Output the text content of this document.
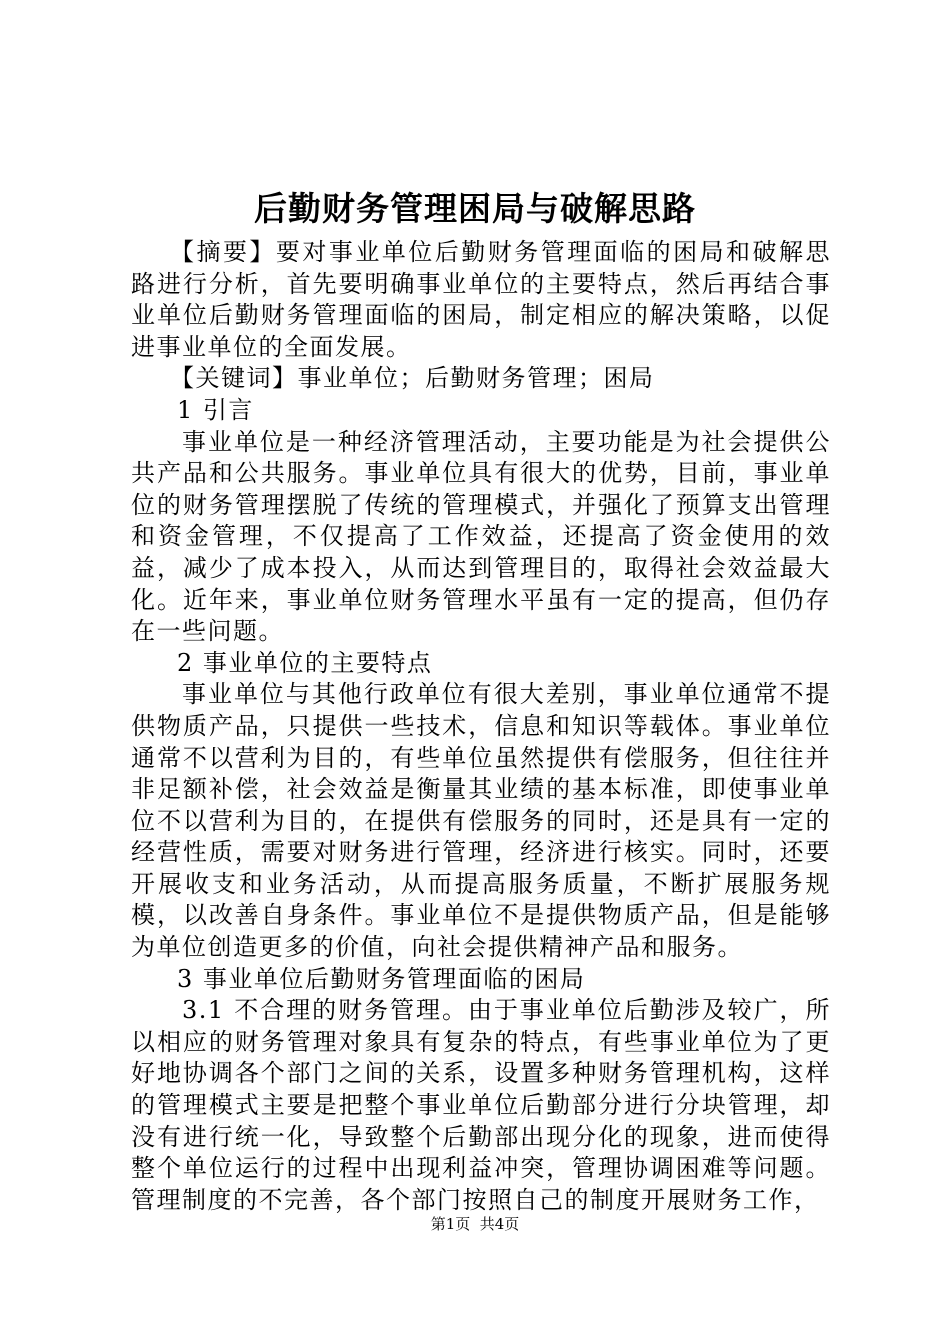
后勤财务管理困局与破解思路

【摘要】要对事业单位后勤财务管理面临的困局和破解思路进行分析，首先要明确事业单位的主要特点，然后再结合事业单位后勤财务管理面临的困局，制定相应的解决策略，以促进事业单位的全面发展。

【关键词】事业单位；后勤财务管理；困局

1 引言

事业单位是一种经济管理活动，主要功能是为社会提供公共产品和公共服务。事业单位具有很大的优势，目前，事业单位的财务管理摆脱了传统的管理模式，并强化了预算支出管理和资金管理，不仅提高了工作效益，还提高了资金使用的效益，减少了成本投入，从而达到管理目的，取得社会效益最大化。近年来，事业单位财务管理水平虽有一定的提高，但仍存在一些问题。

2 事业单位的主要特点

事业单位与其他行政单位有很大差别，事业单位通常不提供物质产品，只提供一些技术，信息和知识等载体。事业单位通常不以营利为目的，有些单位虽然提供有偿服务，但往往并非足额补偿，社会效益是衡量其业绩的基本标准，即使事业单位不以营利为目的，在提供有偿服务的同时，还是具有一定的经营性质，需要对财务进行管理，经济进行核实。同时，还要开展收支和业务活动，从而提高服务质量，不断扩展服务规模，以改善自身条件。事业单位不是提供物质产品，但是能够为单位创造更多的价值，向社会提供精神产品和服务。

3 事业单位后勤财务管理面临的困局

3.1 不合理的财务管理。由于事业单位后勤涉及较广，所以相应的财务管理对象具有复杂的特点，有些事业单位为了更好地协调各个部门之间的关系，设置多种财务管理机构，这样的管理模式主要是把整个事业单位后勤部分进行分块管理，却没有进行统一化，导致整个后勤部出现分化的现象，进而使得整个单位运行的过程中出现利益冲突，管理协调困难等问题。管理制度的不完善，各个部门按照自己的制度开展财务工作，

第1页  共4页
